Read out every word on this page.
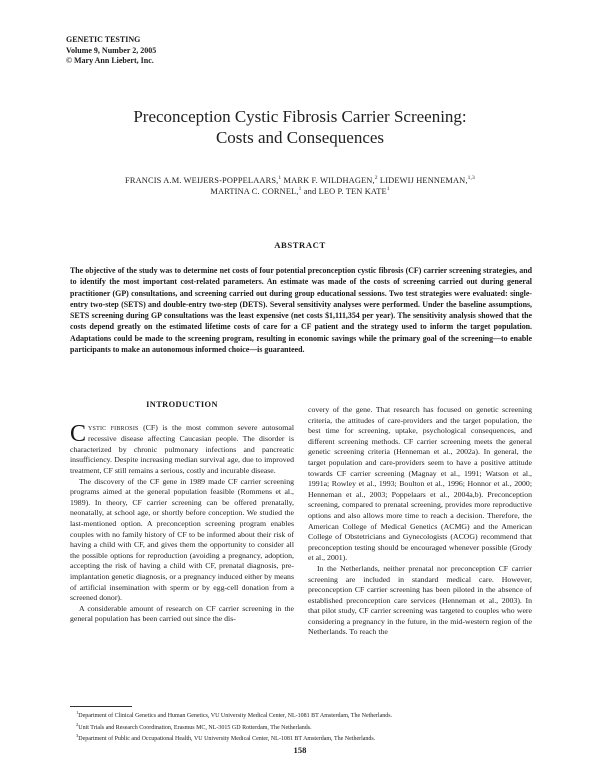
GENETIC TESTING
Volume 9, Number 2, 2005
© Mary Ann Liebert, Inc.
Preconception Cystic Fibrosis Carrier Screening:
Costs and Consequences
FRANCIS A.M. WEIJERS-POPPELAARS,$^1$ MARK F. WILDHAGEN,$^2$ LIDEWIJ HENNEMAN,$^{1,3}$
MARTINA C. CORNEL,$^1$ and LEO P. TEN KATE$^1$
ABSTRACT
The objective of the study was to determine net costs of four potential preconception cystic fibrosis (CF) carrier screening strategies, and to identify the most important cost-related parameters. An estimate was made of the costs of screening carried out during general practitioner (GP) consultations, and screening carried out during group educational sessions. Two test strategies were evaluated: single-entry two-step (SETS) and double-entry two-step (DETS). Several sensitivity analyses were performed. Under the baseline assumptions, SETS screening during GP consultations was the least expensive (net costs $1,111,354 per year). The sensitivity analysis showed that the costs depend greatly on the estimated lifetime costs of care for a CF patient and the strategy used to inform the target population. Adaptations could be made to the screening program, resulting in economic savings while the primary goal of the screening—to enable participants to make an autonomous informed choice—is guaranteed.
INTRODUCTION

CYSTIC FIBROSIS (CF) is the most common severe autosomal recessive disease affecting Caucasian people. The disorder is characterized by chronic pulmonary infections and pancreatic insufficiency. Despite increasing median survival age, due to improved treatment, CF still remains a serious, costly and incurable disease.

The discovery of the CF gene in 1989 made CF carrier screening programs aimed at the general population feasible (Rommens et al., 1989). In theory, CF carrier screening can be offered prenatally, neonatally, at school age, or shortly before conception. We studied the last-mentioned option. A preconception screening program enables couples with no family history of CF to be informed about their risk of having a child with CF, and gives them the opportunity to consider all the possible options for reproduction (avoiding a pregnancy, adoption, accepting the risk of having a child with CF, prenatal diagnosis, pre-implantation genetic diagnosis, or a pregnancy induced either by means of artificial insemination with sperm or by egg-cell donation from a screened donor).

A considerable amount of research on CF carrier screening in the general population has been carried out since the dis-

covery of the gene. That research has focused on genetic screening criteria, the attitudes of care-providers and the target population, the best time for screening, uptake, psychological consequences, and different screening methods. CF carrier screening meets the general genetic screening criteria (Henneman et al., 2002a). In general, the target population and care-providers seem to have a positive attitude towards CF carrier screening (Magnay et al., 1991; Watson et al., 1991a; Rowley et al., 1993; Boulton et al., 1996; Honnor et al., 2000; Henneman et al., 2003; Poppelaars et al., 2004a,b). Preconception screening, compared to prenatal screening, provides more reproductive options and also allows more time to reach a decision. Therefore, the American College of Medical Genetics (ACMG) and the American College of Obstetricians and Gynecologists (ACOG) recommend that preconception testing should be encouraged whenever possible (Grody et al., 2001).

In the Netherlands, neither prenatal nor preconception CF carrier screening are included in standard medical care. However, preconception CF carrier screening has been piloted in the absence of established preconception care services (Henneman et al., 2003). In that pilot study, CF carrier screening was targeted to couples who were considering a pregnancy in the future, in the mid-western region of the Netherlands. To reach the

$^1$Department of Clinical Genetics and Human Genetics, VU University Medical Center, NL-1081 BT Amsterdam, The Netherlands.
$^2$Unit Trials and Research Coordination, Erasmus MC, NL-3015 GD Rotterdam, The Netherlands.
$^3$Department of Public and Occupational Health, VU University Medical Center, NL-1081 BT Amsterdam, The Netherlands.
158
